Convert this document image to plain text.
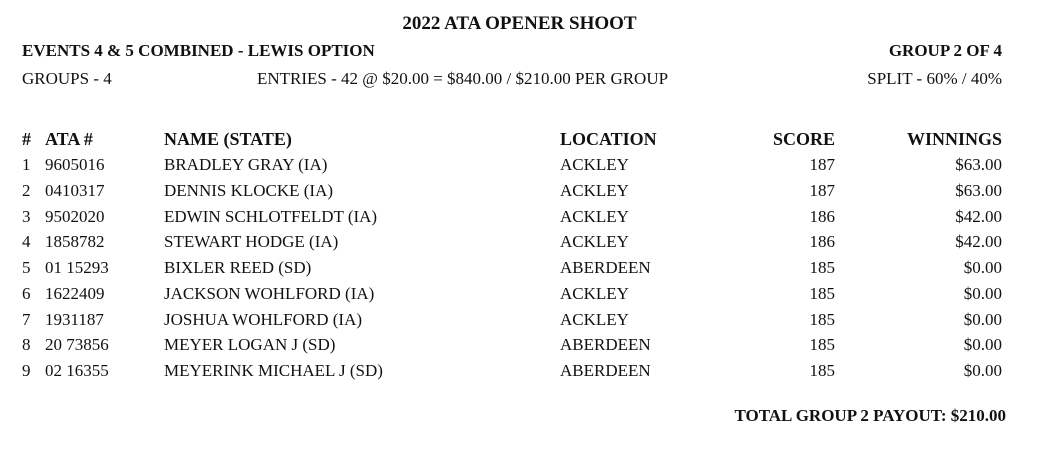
2022 ATA OPENER SHOOT
EVENTS 4 & 5 COMBINED - LEWIS OPTION	GROUP 2 OF 4
GROUPS - 4	ENTRIES - 42 @ $20.00 = $840.00 / $210.00 PER GROUP	SPLIT - 60% / 40%
# ATA #	NAME (STATE)	LOCATION	SCORE	WINNINGS
1 9605016	BRADLEY GRAY (IA)	ACKLEY	187	$63.00
2 0410317	DENNIS KLOCKE (IA)	ACKLEY	187	$63.00
3 9502020	EDWIN SCHLOTFELDT (IA)	ACKLEY	186	$42.00
4 1858782	STEWART HODGE (IA)	ACKLEY	186	$42.00
5 01 15293	BIXLER REED (SD)	ABERDEEN	185	$0.00
6 1622409	JACKSON WOHLFORD (IA)	ACKLEY	185	$0.00
7 1931187	JOSHUA WOHLFORD (IA)	ACKLEY	185	$0.00
8 20 73856	MEYER LOGAN J (SD)	ABERDEEN	185	$0.00
9 02 16355	MEYERINK MICHAEL J (SD)	ABERDEEN	185	$0.00
TOTAL GROUP 2 PAYOUT: $210.00
